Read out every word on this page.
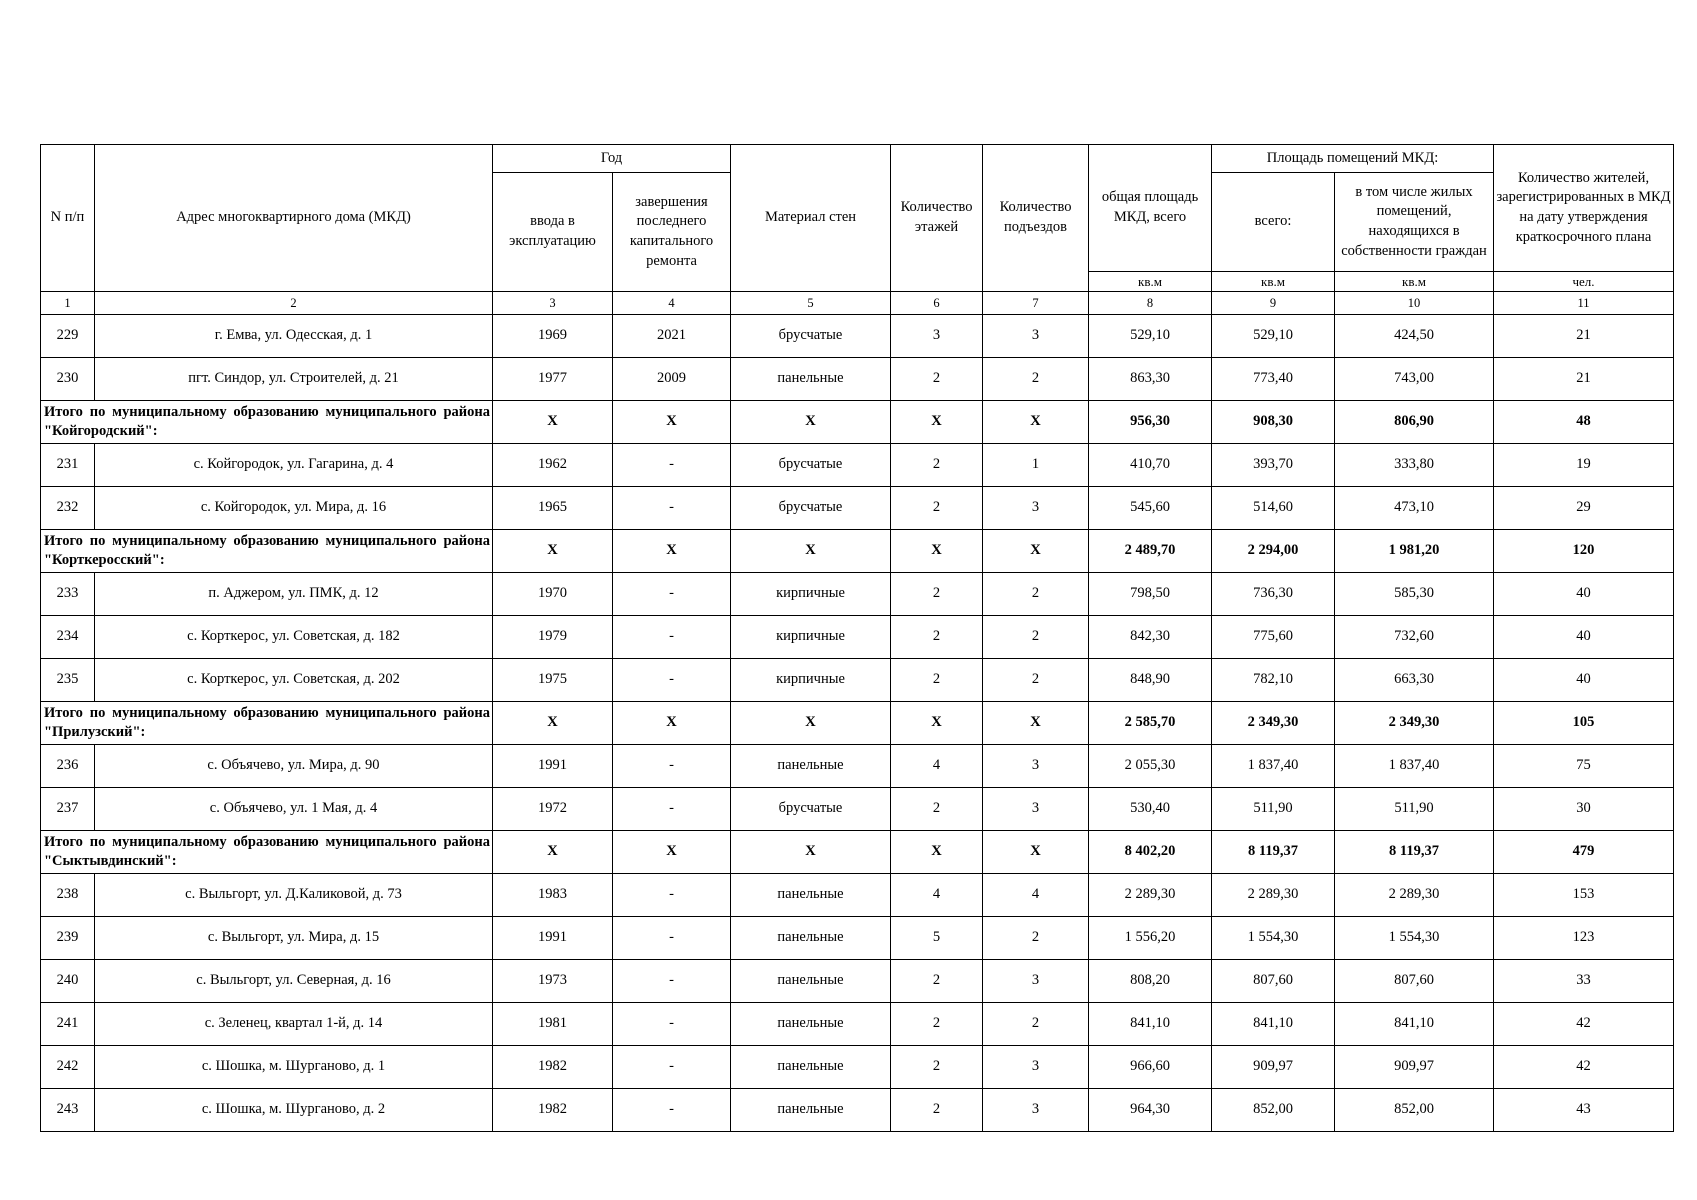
N п/п	Адрес многоквартирного дома (МКД)	Год		Материал стен	Количество этажей	Количество подъездов	общая площадь МКД, всего	Площадь помещений МКД:		Количество жителей, зарегистрированных в МКД на дату утверждения краткосрочного плана
		ввода в эксплуатацию	завершения последнего капитального ремонта					всего:	в том числе жилых помещений, находящихся в собственности граждан	
							кв.м	кв.м	кв.м	чел.
1	2	3	4	5	6	7	8	9	10	11
229	г. Емва, ул. Одесская, д. 1	1969	2021	брусчатые	3	3	529,10	529,10	424,50	21
230	пгт. Синдор, ул. Строителей, д. 21	1977	2009	панельные	2	2	863,30	773,40	743,00	21
Итого по муниципальному образованию муниципального района "Койгородский":		X	X	X	X	X	956,30	908,30	806,90	48
231	с. Койгородок, ул. Гагарина, д. 4	1962	-	брусчатые	2	1	410,70	393,70	333,80	19
232	с. Койгородок, ул. Мира, д. 16	1965	-	брусчатые	2	3	545,60	514,60	473,10	29
Итого по муниципальному образованию муниципального района "Корткеросский":		X	X	X	X	X	2 489,70	2 294,00	1 981,20	120
233	п. Аджером, ул. ПМК, д. 12	1970	-	кирпичные	2	2	798,50	736,30	585,30	40
234	с. Корткерос, ул. Советская, д. 182	1979	-	кирпичные	2	2	842,30	775,60	732,60	40
235	с. Корткерос, ул. Советская, д. 202	1975	-	кирпичные	2	2	848,90	782,10	663,30	40
Итого по муниципальному образованию муниципального района "Прилузский":		X	X	X	X	X	2 585,70	2 349,30	2 349,30	105
236	с. Объячево, ул. Мира, д. 90	1991	-	панельные	4	3	2 055,30	1 837,40	1 837,40	75
237	с. Объячево, ул. 1 Мая, д. 4	1972	-	брусчатые	2	3	530,40	511,90	511,90	30
Итого по муниципальному образованию муниципального района "Сыктывдинский":		X	X	X	X	X	8 402,20	8 119,37	8 119,37	479
238	с. Выльгорт, ул. Д.Каликовой, д. 73	1983	-	панельные	4	4	2 289,30	2 289,30	2 289,30	153
239	с. Выльгорт, ул. Мира, д. 15	1991	-	панельные	5	2	1 556,20	1 554,30	1 554,30	123
240	с. Выльгорт, ул. Северная, д. 16	1973	-	панельные	2	3	808,20	807,60	807,60	33
241	с. Зеленец, квартал 1-й, д. 14	1981	-	панельные	2	2	841,10	841,10	841,10	42
242	с. Шошка, м. Шурганово, д. 1	1982	-	панельные	2	3	966,60	909,97	909,97	42
243	с. Шошка, м. Шурганово, д. 2	1982	-	панельные	2	3	964,30	852,00	852,00	43
